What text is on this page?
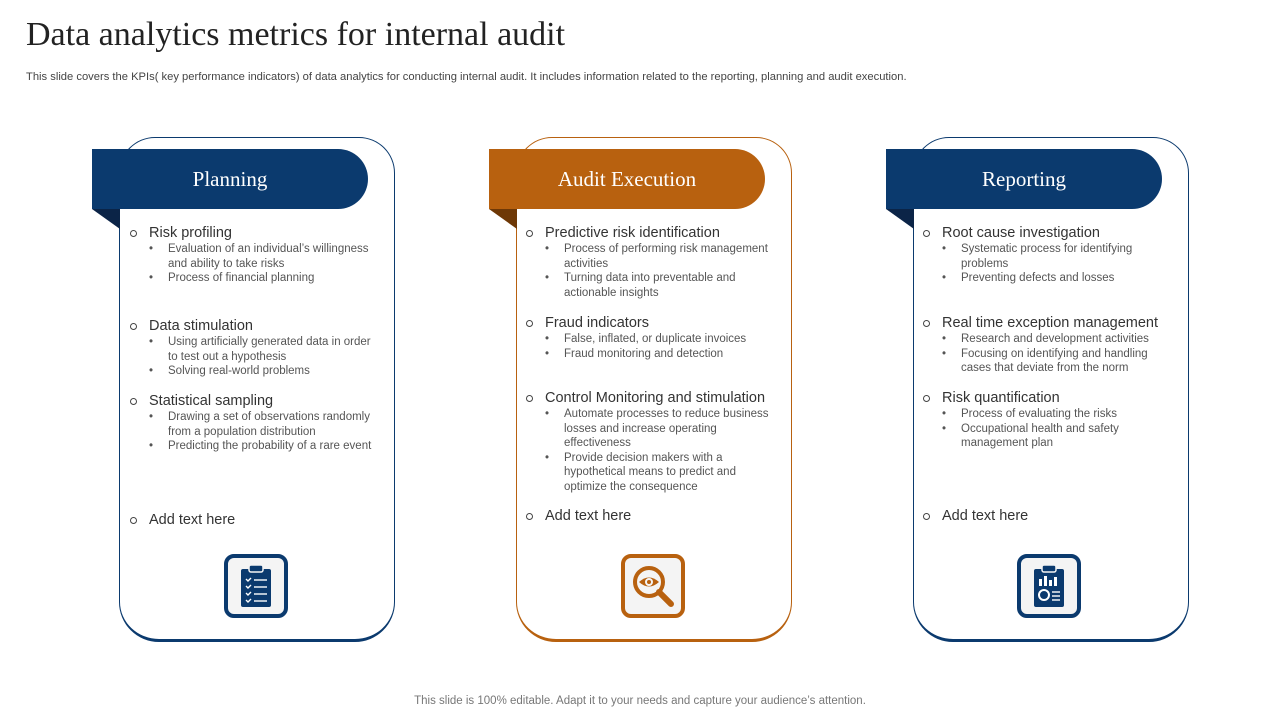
Data analytics metrics for internal audit

This slide covers the KPIs( key performance indicators) of data analytics for conducting internal audit. It includes information related to the reporting, planning and audit execution.

Planning
Risk profiling
• Evaluation of an individual’s willingness and ability to take risks
• Process of financial planning
Data stimulation
• Using artificially generated data in order to test out a hypothesis
• Solving real-world problems
Statistical sampling
• Drawing a set of observations randomly from a population distribution
• Predicting the probability of a rare event
Add text here
Audit Execution
Predictive risk identification
• Process of performing risk management activities
• Turning data into preventable and actionable insights
Fraud indicators
• False, inflated, or duplicate invoices
• Fraud monitoring and detection
Control Monitoring and stimulation
• Automate processes to reduce business losses and increase operating effectiveness
• Provide decision makers with a hypothetical means to predict and optimize the consequence
Add text here
Reporting
Root cause investigation
• Systematic process for identifying problems
• Preventing defects and losses
Real time exception management
• Research and development activities
• Focusing on identifying and handling cases that deviate from the norm
Risk quantification
• Process of evaluating the risks
• Occupational health and safety management plan
Add text here

This slide is 100% editable. Adapt it to your needs and capture your audience’s attention.
